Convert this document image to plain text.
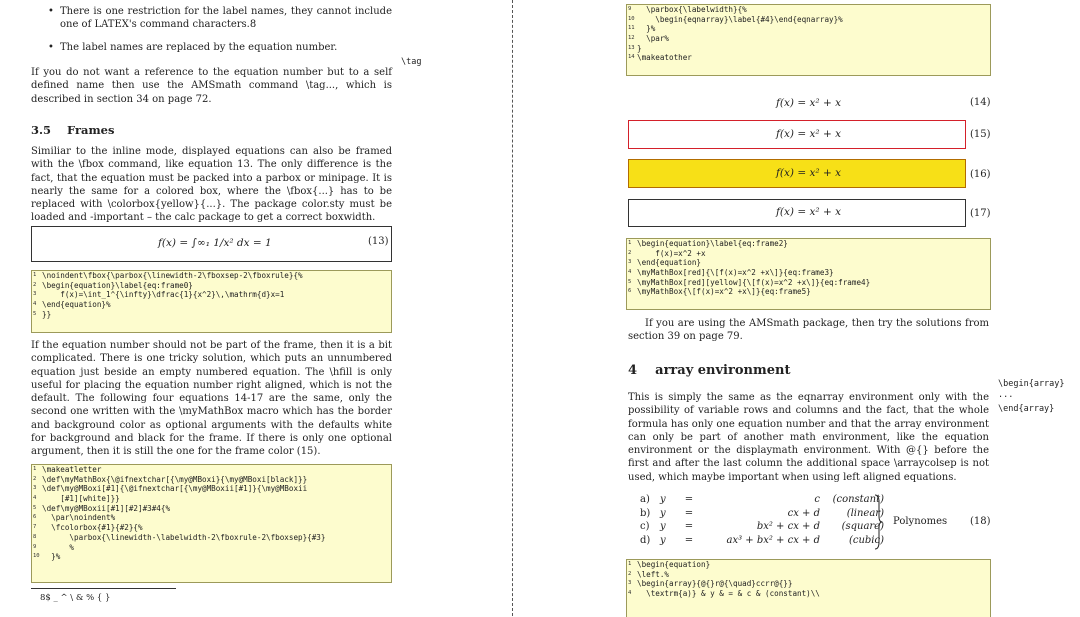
• There is one restriction for the label names, they cannot include one of LATEX's command characters.8
• The label names are replaced by the equation number.
\tag
If you do not want a reference to the equation number but to a self defined name then use the AMSmath command \tag..., which is described in section 34 on page 72.
3.5 Frames
Similiar to the inline mode, displayed equations can also be framed with the \fbox command, like equation 13. The only difference is the fact, that the equation must be packed into a parbox or minipage. It is nearly the same for a colored box, where the \fbox{...} has to be replaced with \colorbox{yellow}{...}. The package color.sty must be loaded and -important – the calc package to get a correct boxwidth.
f(x) = ∫∞₁ 1/x² dx = 1	(13)
1 \noindent\fbox{\parbox{\linewidth-2\fboxsep-2\fboxrule}{%
2 \begin{equation}\label{eq:frame0}
3 f(x)=\int_1^{\infty}\dfrac{1}{x^2}\,\mathrm{d}x=1
4 \end{equation}%
5 }}
If the equation number should not be part of the frame, then it is a bit complicated. There is one tricky solution, which puts an unnumbered equation just beside an empty numbered equation. The \hfill is only useful for placing the equation number right aligned, which is not the default. The following four equations 14-17 are the same, only the second one written with the \myMathBox macro which has the border and background color as optional arguments with the defaults white for background and black for the frame. If there is only one optional argument, then it is still the one for the frame color (15).
1 \makeatletter
2 \def\myMathBox{\@ifnextchar[{\my@MBoxi}{\my@MBoxi[black]}}
3 \def\my@MBoxi[#1]{\@ifnextchar[{\my@MBoxii[#1]}{\my@MBoxii
4 [#1][white]}}
5 \def\my@MBoxii[#1][#2]#3#4{%
6 \par\noindent%
7 \fcolorbox{#1}{#2}{%
8 \parbox{\linewidth-\labelwidth-2\fboxrule-2\fboxsep}{#3}
9 %
10 }%
8$ _ ^ \ & % { }
9 \parbox{\labelwidth}{%
10 \begin{eqnarray}\label{#4}\end{eqnarray}%
11 }%
12 \par%
13 }
14 \makeatother
f(x) = x² + x	(14)
f(x) = x² + x	(15)
f(x) = x² + x	(16)
f(x) = x² + x	(17)
1 \begin{equation}\label{eq:frame2}
2 f(x)=x^2 +x
3 \end{equation}
4 \myMathBox[red]{\[f(x)=x^2 +x\]}{eq:frame3}
5 \myMathBox[red][yellow]{\[f(x)=x^2 +x\]}{eq:frame4}
6 \myMathBox{\[f(x)=x^2 +x\]}{eq:frame5}
If you are using the AMSmath package, then try the solutions from section 39 on page 79.
4 array environment
\begin{array}
...
\end{array}
This is simply the same as the eqnarray environment only with the possibility of variable rows and columns and the fact, that the whole formula has only one equation number and that the array environment can only be part of another math environment, like the equation environment or the displaymath environment. With @{} before the first and after the last column the additional space \arraycolsep is not used, which maybe important when using left aligned equations.
a)	y	=	c	(constant)
b) y	=	cx + d	(linear)
c)	y	=	bx² + cx + d	(square)
d) y	=	ax³ + bx² + cx + d	(cubic)
Polynomes (18)
1 \begin{equation}
2 \left.%
3 \begin{array}{@{}r@{\quad}ccrr@{}}
4 \textrm{a)} & y & = & c & (constant)\\
